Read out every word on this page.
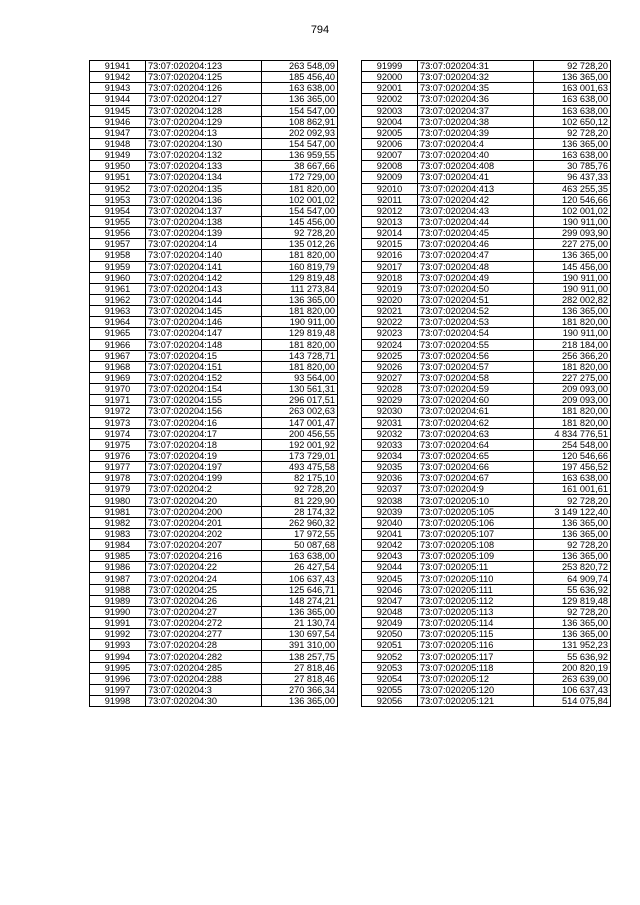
794
91941	73:07:020204:123	263 548,09
91942	73:07:020204:125	185 456,40
91943	73:07:020204:126	163 638,00
91944	73:07:020204:127	136 365,00
91945	73:07:020204:128	154 547,00
91946	73:07:020204:129	108 862,91
91947	73:07:020204:13	202 092,93
91948	73:07:020204:130	154 547,00
91949	73:07:020204:132	136 959,55
91950	73:07:020204:133	38 667,66
91951	73:07:020204:134	172 729,00
91952	73:07:020204:135	181 820,00
91953	73:07:020204:136	102 001,02
91954	73:07:020204:137	154 547,00
91955	73:07:020204:138	145 456,00
91956	73:07:020204:139	92 728,20
91957	73:07:020204:14	135 012,26
91958	73:07:020204:140	181 820,00
91959	73:07:020204:141	160 819,79
91960	73:07:020204:142	129 819,48
91961	73:07:020204:143	111 273,84
91962	73:07:020204:144	136 365,00
91963	73:07:020204:145	181 820,00
91964	73:07:020204:146	190 911,00
91965	73:07:020204:147	129 819,48
91966	73:07:020204:148	181 820,00
91967	73:07:020204:15	143 728,71
91968	73:07:020204:151	181 820,00
91969	73:07:020204:152	93 564,00
91970	73:07:020204:154	130 561,31
91971	73:07:020204:155	296 017,51
91972	73:07:020204:156	263 002,63
91973	73:07:020204:16	147 001,47
91974	73:07:020204:17	200 456,55
91975	73:07:020204:18	192 001,92
91976	73:07:020204:19	173 729,01
91977	73:07:020204:197	493 475,58
91978	73:07:020204:199	82 175,10
91979	73:07:020204:2	92 728,20
91980	73:07:020204:20	81 229,90
91981	73:07:020204:200	28 174,32
91982	73:07:020204:201	262 960,32
91983	73:07:020204:202	17 972,55
91984	73:07:020204:207	50 087,68
91985	73:07:020204:216	163 638,00
91986	73:07:020204:22	26 427,54
91987	73:07:020204:24	106 637,43
91988	73:07:020204:25	125 646,71
91989	73:07:020204:26	148 274,21
91990	73:07:020204:27	136 365,00
91991	73:07:020204:272	21 130,74
91992	73:07:020204:277	130 697,54
91993	73:07:020204:28	391 310,00
91994	73:07:020204:282	138 257,75
91995	73:07:020204:285	27 818,46
91996	73:07:020204:288	27 818,46
91997	73:07:020204:3	270 366,34
91998	73:07:020204:30	136 365,00
91999	73:07:020204:31	92 728,20
92000	73:07:020204:32	136 365,00
92001	73:07:020204:35	163 001,63
92002	73:07:020204:36	163 638,00
92003	73:07:020204:37	163 638,00
92004	73:07:020204:38	102 650,12
92005	73:07:020204:39	92 728,20
92006	73:07:020204:4	136 365,00
92007	73:07:020204:40	163 638,00
92008	73:07:020204:408	30 785,76
92009	73:07:020204:41	96 437,33
92010	73:07:020204:413	463 255,35
92011	73:07:020204:42	120 546,66
92012	73:07:020204:43	102 001,02
92013	73:07:020204:44	190 911,00
92014	73:07:020204:45	299 093,90
92015	73:07:020204:46	227 275,00
92016	73:07:020204:47	136 365,00
92017	73:07:020204:48	145 456,00
92018	73:07:020204:49	190 911,00
92019	73:07:020204:50	190 911,00
92020	73:07:020204:51	282 002,82
92021	73:07:020204:52	136 365,00
92022	73:07:020204:53	181 820,00
92023	73:07:020204:54	190 911,00
92024	73:07:020204:55	218 184,00
92025	73:07:020204:56	256 366,20
92026	73:07:020204:57	181 820,00
92027	73:07:020204:58	227 275,00
92028	73:07:020204:59	209 093,00
92029	73:07:020204:60	209 093,00
92030	73:07:020204:61	181 820,00
92031	73:07:020204:62	181 820,00
92032	73:07:020204:63	4 834 776,51
92033	73:07:020204:64	254 548,00
92034	73:07:020204:65	120 546,66
92035	73:07:020204:66	197 456,52
92036	73:07:020204:67	163 638,00
92037	73:07:020204:9	161 001,61
92038	73:07:020205:10	92 728,20
92039	73:07:020205:105	3 149 122,40
92040	73:07:020205:106	136 365,00
92041	73:07:020205:107	136 365,00
92042	73:07:020205:108	92 728,20
92043	73:07:020205:109	136 365,00
92044	73:07:020205:11	253 820,72
92045	73:07:020205:110	64 909,74
92046	73:07:020205:111	55 636,92
92047	73:07:020205:112	129 819,48
92048	73:07:020205:113	92 728,20
92049	73:07:020205:114	136 365,00
92050	73:07:020205:115	136 365,00
92051	73:07:020205:116	131 952,23
92052	73:07:020205:117	55 636,92
92053	73:07:020205:118	200 820,19
92054	73:07:020205:12	263 639,00
92055	73:07:020205:120	106 637,43
92056	73:07:020205:121	514 075,84
